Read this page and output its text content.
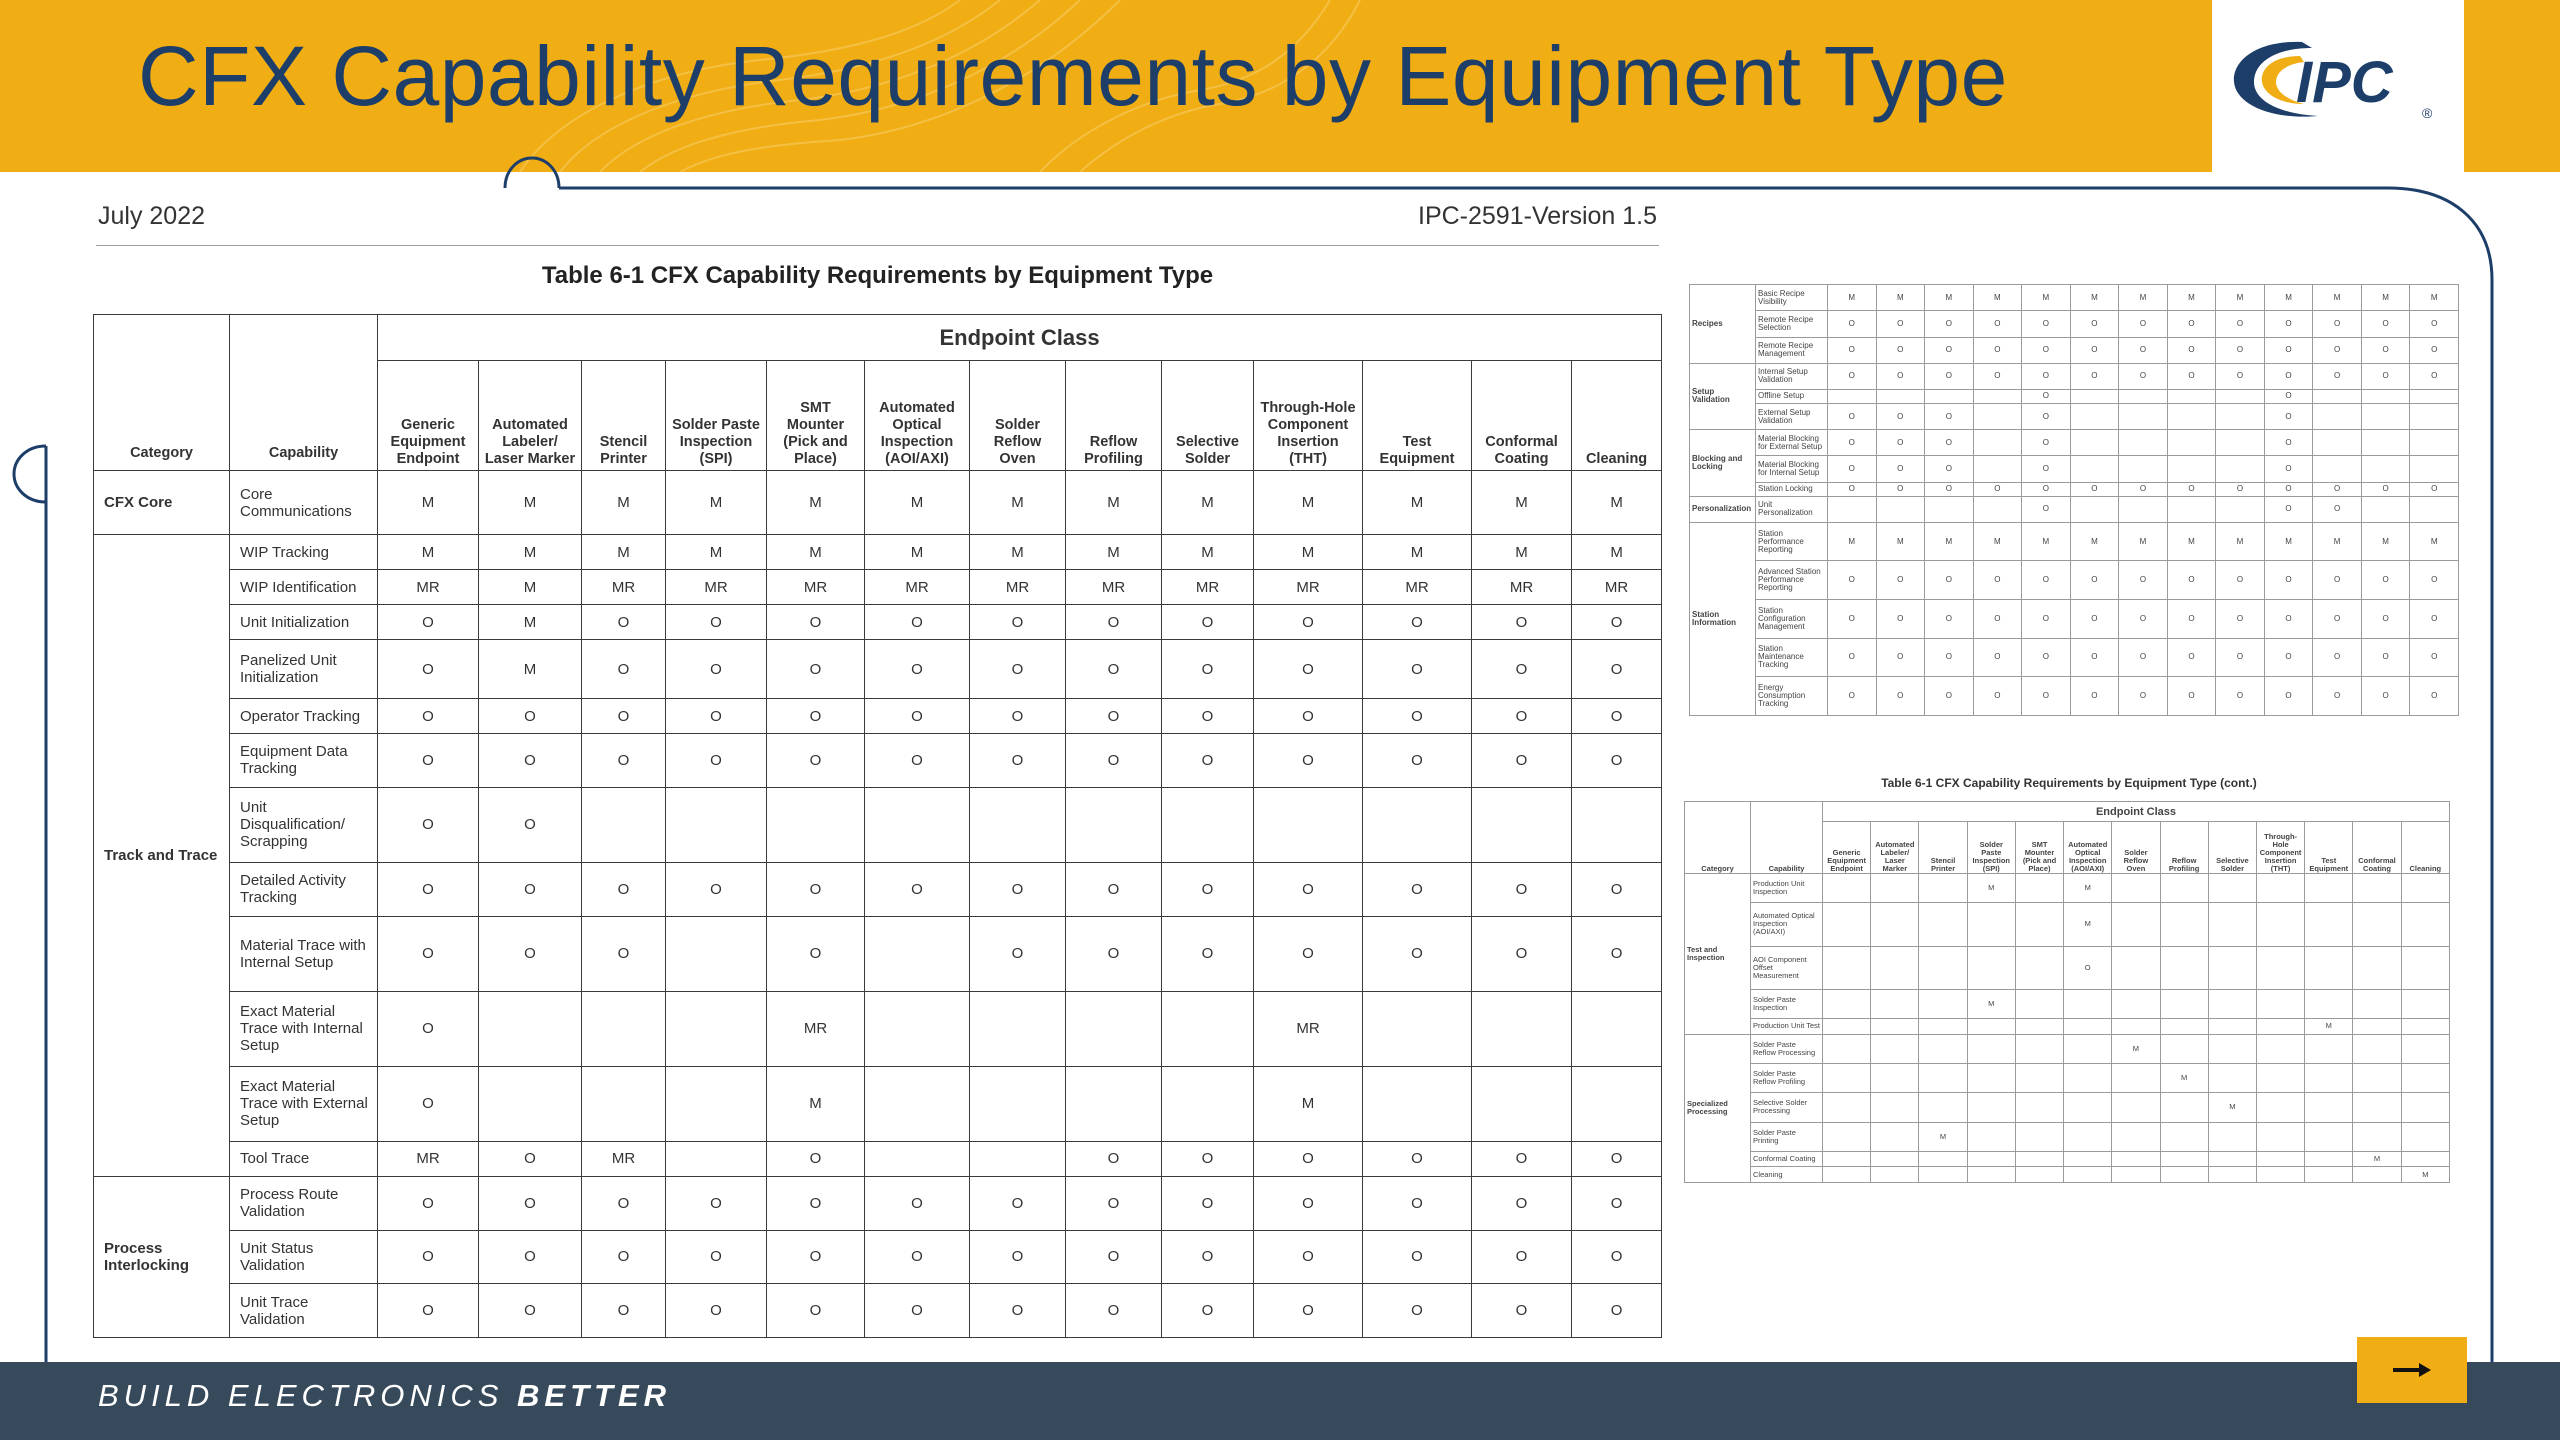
CFX Capability Requirements by Equipment Type	IPC ®
July 2022	IPC-2591-Version 1.5
Table 6-1 CFX Capability Requirements by Equipment Type
Category	Capability	Endpoint Class												
		Generic Equipment Endpoint	Automated Labeler/ Laser Marker	Stencil Printer	Solder Paste Inspection (SPI)	SMT Mounter (Pick and Place)	Automated Optical Inspection (AOI/AXI)	Solder Reflow Oven	Reflow Profiling	Selective Solder	Through-Hole Component Insertion (THT)	Test Equipment	Conformal Coating	Cleaning
CFX Core	Core Communications	M	M	M	M	M	M	M	M	M	M	M	M	M
Track and Trace	WIP Tracking	M	M	M	M	M	M	M	M	M	M	M	M	M
	WIP Identification	MR	M	MR	MR	MR	MR	MR	MR	MR	MR	MR	MR	MR
	Unit Initialization	O	M	O	O	O	O	O	O	O	O	O	O	O
	Panelized Unit Initialization	O	M	O	O	O	O	O	O	O	O	O	O	O
	Operator Tracking	O	O	O	O	O	O	O	O	O	O	O	O	O
	Equipment Data Tracking	O	O	O	O	O	O	O	O	O	O	O	O	O
	Unit Disqualification/ Scrapping	O	O											
	Detailed Activity Tracking	O	O	O	O	O	O	O	O	O	O	O	O	O
	Material Trace with Internal Setup	O	O	O		O		O	O	O	O	O	O	O
	Exact Material Trace with Internal Setup	O				MR					MR			
	Exact Material Trace with External Setup	O				M					M			
	Tool Trace	MR	O	MR		O			O	O	O	O	O	O
Process Interlocking	Process Route Validation	O	O	O	O	O	O	O	O	O	O	O	O	O
	Unit Status Validation	O	O	O	O	O	O	O	O	O	O	O	O	O
	Unit Trace Validation	O	O	O	O	O	O	O	O	O	O	O	O	O
Recipes	Basic Recipe Visibility	M	M	M	M	M	M	M	M	M	M	M	M	M
	Remote Recipe Selection	O	O	O	O	O	O	O	O	O	O	O	O	O
	Remote Recipe Management	O	O	O	O	O	O	O	O	O	O	O	O	O
Setup Validation	Internal Setup Validation	O	O	O	O	O	O	O	O	O	O	O	O	O
	Offline Setup					O					O			
	External Setup Validation	O	O	O		O					O			
Blocking and Locking	Material Blocking for External Setup	O	O	O		O					O			
	Material Blocking for Internal Setup	O	O	O		O					O			
	Station Locking	O	O	O	O	O	O	O	O	O	O	O	O	O
Personalization	Unit Personalization					O					O	O		
Station Information	Station Performance Reporting	M	M	M	M	M	M	M	M	M	M	M	M	M
	Advanced Station Performance Reporting	O	O	O	O	O	O	O	O	O	O	O	O	O
	Station Configuration Management	O	O	O	O	O	O	O	O	O	O	O	O	O
	Station Maintenance Tracking	O	O	O	O	O	O	O	O	O	O	O	O	O
	Energy Consumption Tracking	O	O	O	O	O	O	O	O	O	O	O	O	O
Table 6-1 CFX Capability Requirements by Equipment Type (cont.)
Category	Capability	Endpoint Class												
		Generic Equipment Endpoint	Automated Labeler/ Laser Marker	Stencil Printer	Solder Paste Inspection (SPI)	SMT Mounter (Pick and Place)	Automated Optical Inspection (AOI/AXI)	Solder Reflow Oven	Reflow Profiling	Selective Solder	Through-Hole Component Insertion (THT)	Test Equipment	Conformal Coating	Cleaning
Test and Inspection	Production Unit Inspection				M		M							
	Automated Optical Inspection (AOI/AXI)						M							
	AOI Component Offset Measurement						O							
	Solder Paste Inspection				M									
	Production Unit Test											M		
Specialized Processing	Solder Paste Reflow Processing							M						
	Solder Paste Reflow Profiling								M					
	Selective Solder Processing									M				
	Solder Paste Printing			M										
	Conformal Coating												M	
	Cleaning													M
BUILD ELECTRONICS BETTER
